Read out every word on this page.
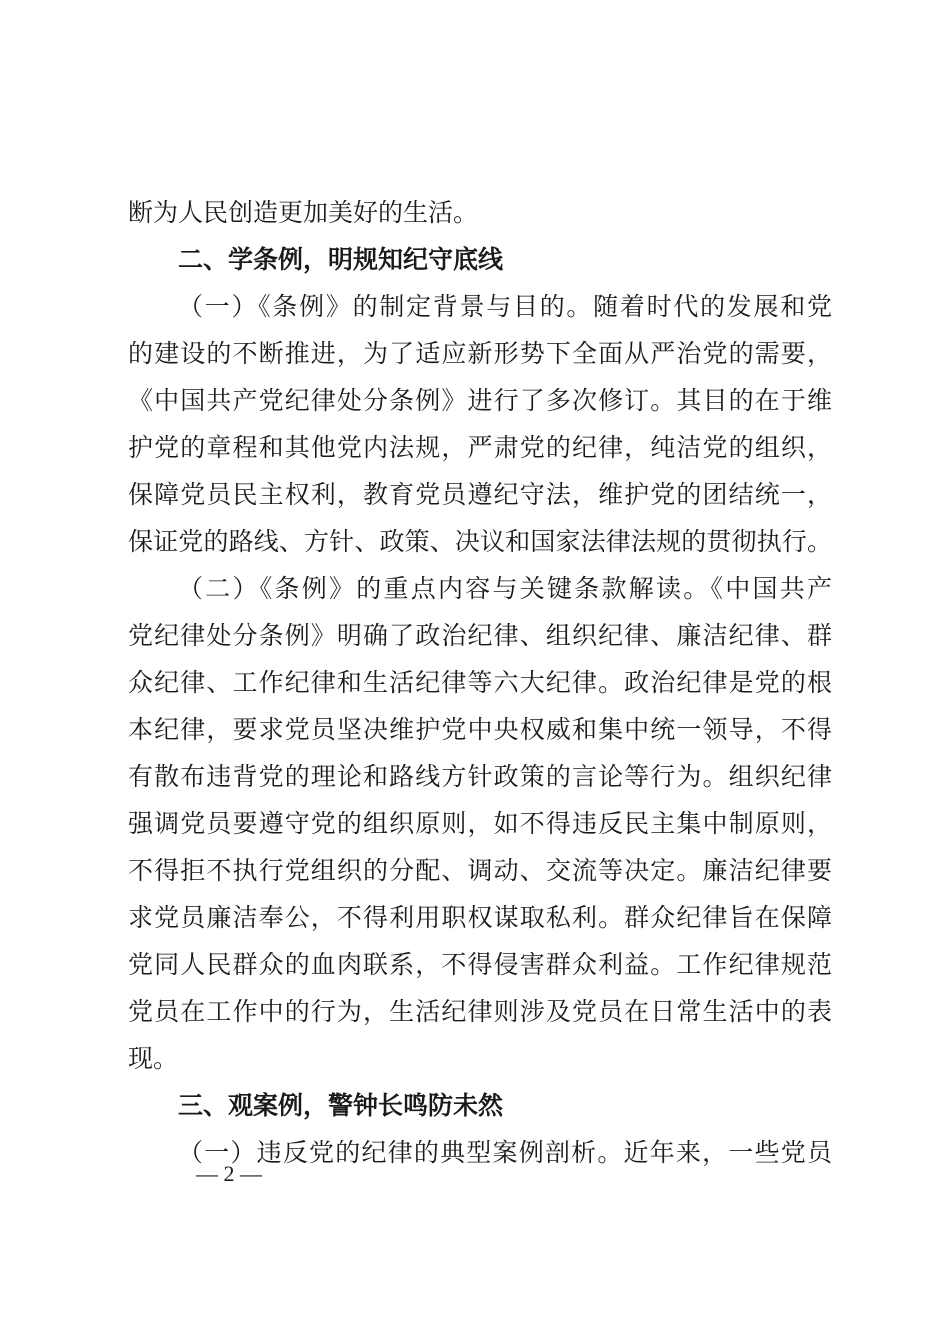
断为人民创造更加美好的生活。
二、学条例，明规知纪守底线
（一）《条例》的制定背景与目的。随着时代的发展和党
的建设的不断推进，为了适应新形势下全面从严治党的需要，
《中国共产党纪律处分条例》进行了多次修订。其目的在于维
护党的章程和其他党内法规，严肃党的纪律，纯洁党的组织，
保障党员民主权利，教育党员遵纪守法，维护党的团结统一，
保证党的路线、方针、政策、决议和国家法律法规的贯彻执行。
（二）《条例》的重点内容与关键条款解读。《中国共产
党纪律处分条例》明确了政治纪律、组织纪律、廉洁纪律、群
众纪律、工作纪律和生活纪律等六大纪律。政治纪律是党的根
本纪律，要求党员坚决维护党中央权威和集中统一领导，不得
有散布违背党的理论和路线方针政策的言论等行为。组织纪律
强调党员要遵守党的组织原则，如不得违反民主集中制原则，
不得拒不执行党组织的分配、调动、交流等决定。廉洁纪律要
求党员廉洁奉公，不得利用职权谋取私利。群众纪律旨在保障
党同人民群众的血肉联系，不得侵害群众利益。工作纪律规范
党员在工作中的行为，生活纪律则涉及党员在日常生活中的表
现。
三、观案例，警钟长鸣防未然
（一）违反党的纪律的典型案例剖析。近年来，一些党员
— 2 —
